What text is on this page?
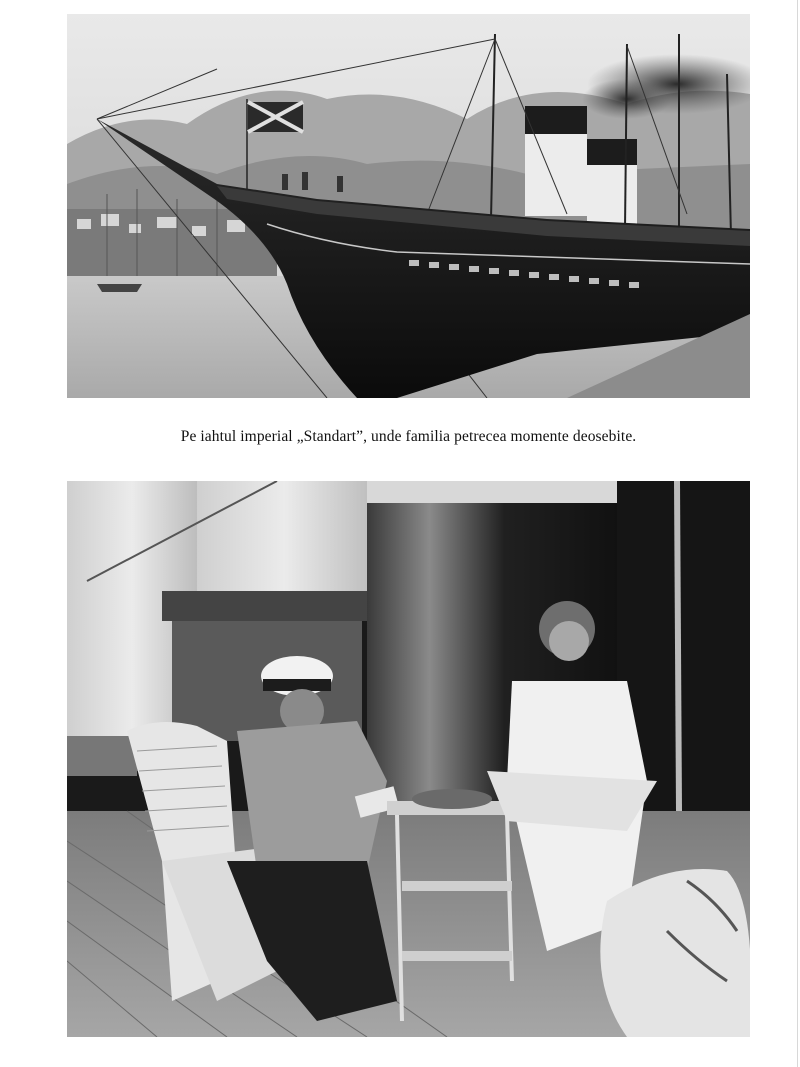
Pe iahtul imperial „Standart”, unde familia petrecea momente deosebite.
